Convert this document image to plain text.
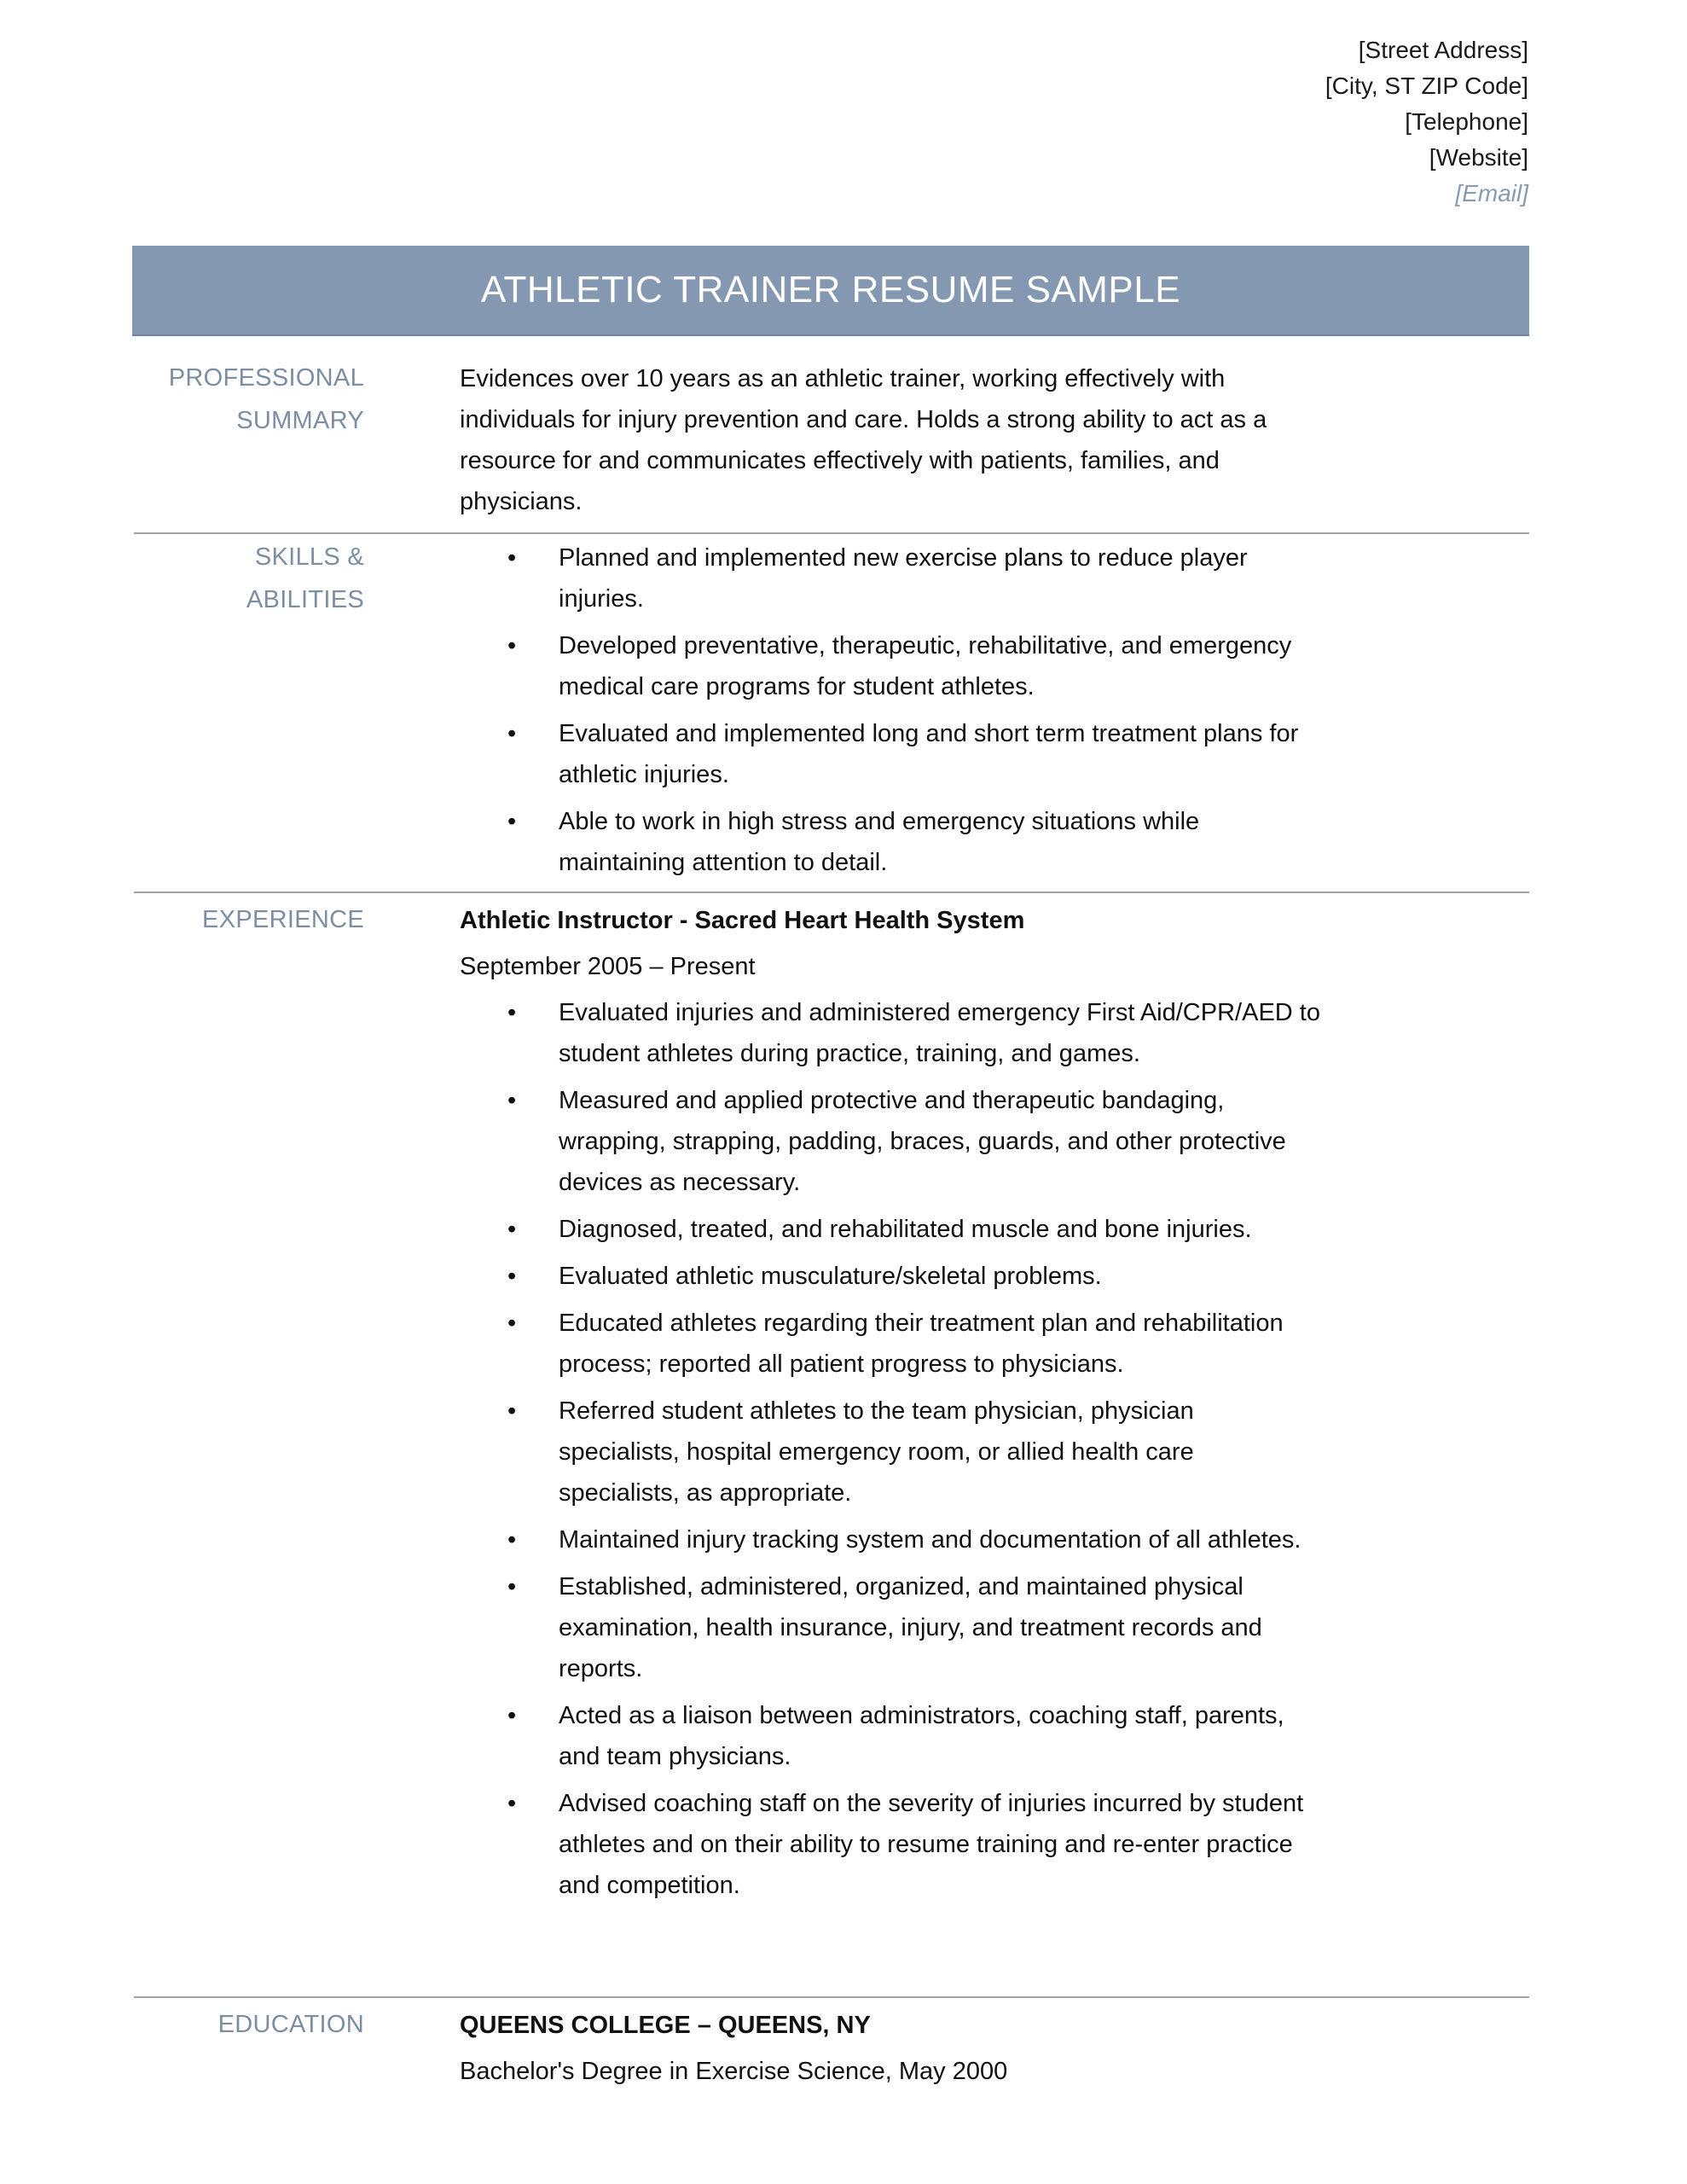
[Street Address]
[City, ST ZIP Code]
[Telephone]
[Website]
[Email]
ATHLETIC TRAINER RESUME SAMPLE
PROFESSIONAL
SUMMARY

Evidences over 10 years as an athletic trainer, working effectively with individuals for injury prevention and care. Holds a strong ability to act as a resource for and communicates effectively with patients, families, and physicians.

SKILLS & ABILITIES
• Planned and implemented new exercise plans to reduce player injuries.
• Developed preventative, therapeutic, rehabilitative, and emergency medical care programs for student athletes.
• Evaluated and implemented long and short term treatment plans for athletic injuries.
• Able to work in high stress and emergency situations while maintaining attention to detail.
EXPERIENCE	Athletic Instructor - Sacred Heart Health System

September 2005 – Present

• Evaluated injuries and administered emergency First Aid/CPR/AED to student athletes during practice, training, and games.
• Measured and applied protective and therapeutic bandaging, wrapping, strapping, padding, braces, guards, and other protective devices as necessary.
• Diagnosed, treated, and rehabilitated muscle and bone injuries.
• Evaluated athletic musculature/skeletal problems.
• Educated athletes regarding their treatment plan and rehabilitation process; reported all patient progress to physicians.
• Referred student athletes to the team physician, physician specialists, hospital emergency room, or allied health care specialists, as appropriate.
• Maintained injury tracking system and documentation of all athletes.
• Established, administered, organized, and maintained physical examination, health insurance, injury, and treatment records and reports.
• Acted as a liaison between administrators, coaching staff, parents, and team physicians.
• Advised coaching staff on the severity of injuries incurred by student athletes and on their ability to resume training and re-enter practice and competition.
EDUCATION	QUEENS COLLEGE – QUEENS, NY

Bachelor's Degree in Exercise Science, May 2000
